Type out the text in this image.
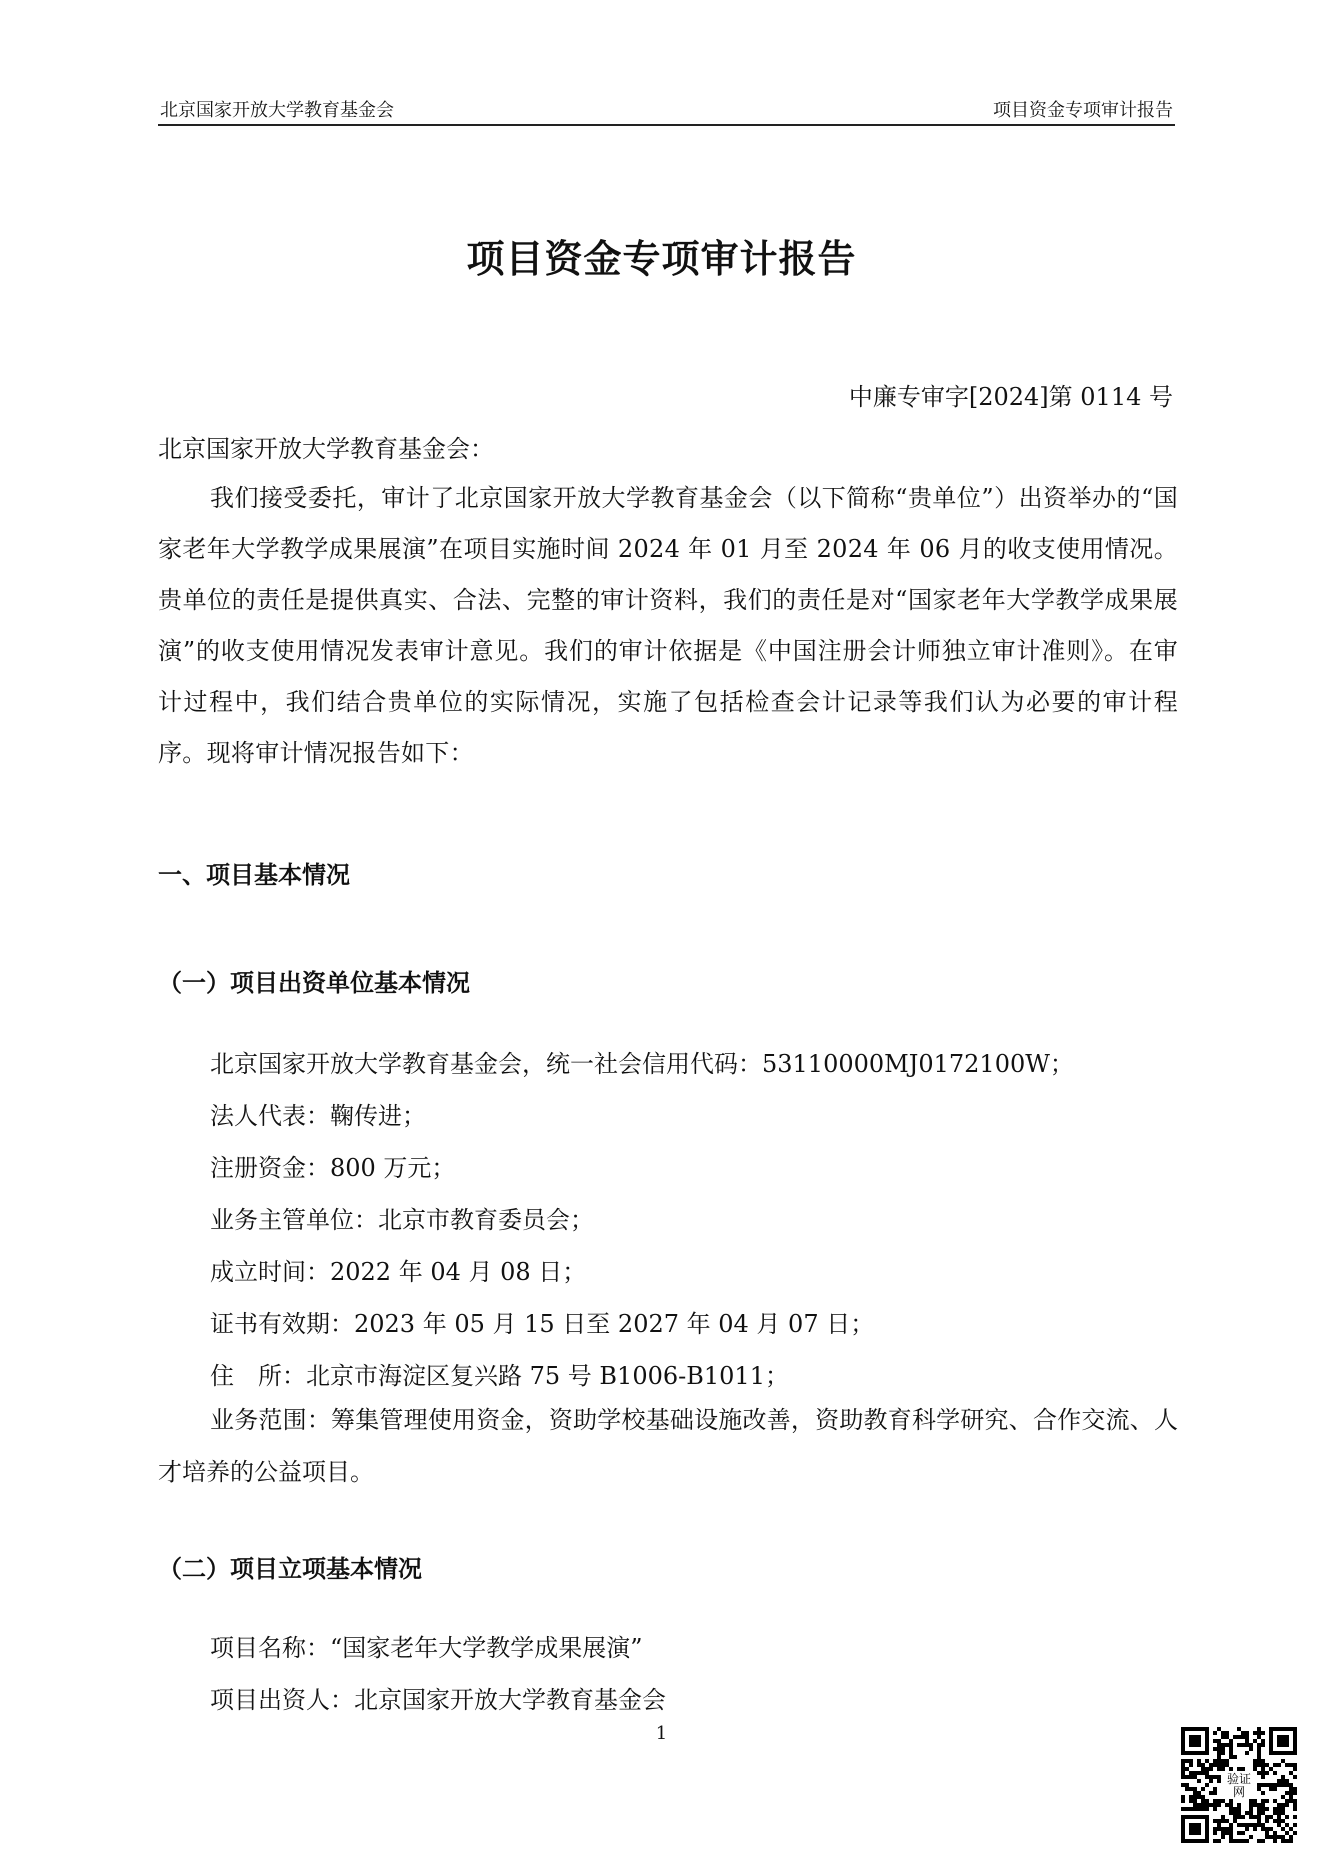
北京国家开放大学教育基金会	项目资金专项审计报告
项目资金专项审计报告
中廉专审字[2024]第 0114 号
北京国家开放大学教育基金会：
我们接受委托，审计了北京国家开放大学教育基金会（以下简称“贵单位”）出资举办的“国家老年大学教学成果展演”在项目实施时间 2024 年 01 月至 2024 年 06 月的收支使用情况。贵单位的责任是提供真实、合法、完整的审计资料，我们的责任是对“国家老年大学教学成果展演”的收支使用情况发表审计意见。我们的审计依据是《中国注册会计师独立审计准则》。在审计过程中，我们结合贵单位的实际情况，实施了包括检查会计记录等我们认为必要的审计程序。现将审计情况报告如下：
一、项目基本情况
（一）项目出资单位基本情况
北京国家开放大学教育基金会，统一社会信用代码：53110000MJ0172100W；
法人代表：鞠传进；
注册资金：800 万元；
业务主管单位：北京市教育委员会；
成立时间：2022 年 04 月 08 日；
证书有效期：2023 年 05 月 15 日至 2027 年 04 月 07 日；
住　所：北京市海淀区复兴路 75 号 B1006-B1011；
业务范围：筹集管理使用资金，资助学校基础设施改善，资助教育科学研究、合作交流、人才培养的公益项目。
（二）项目立项基本情况
项目名称：“国家老年大学教学成果展演”
项目出资人：北京国家开放大学教育基金会
1
验证网
